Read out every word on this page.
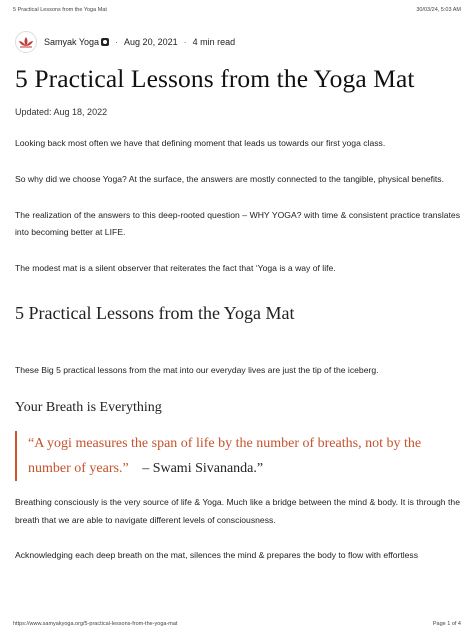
5 Practical Lessons from the Yoga Mat	30/03/24, 5:03 AM
Samyak Yoga · Aug 20, 2021 · 4 min read
5 Practical Lessons from the Yoga Mat
Updated: Aug 18, 2022

Looking back most often we have that defining moment that leads us towards our first yoga class.

So why did we choose Yoga? At the surface, the answers are mostly connected to the tangible, physical benefits.

The realization of the answers to this deep-rooted question – WHY YOGA? with time & consistent practice translates into becoming better at LIFE.

The modest mat is a silent observer that reiterates the fact that ‘Yoga is a way of life.

5 Practical Lessons from the Yoga Mat

These Big 5 practical lessons from the mat into our everyday lives are just the tip of the iceberg.

Your Breath is Everything
“A yogi measures the span of life by the number of breaths, not by the number of years.” – Swami Sivananda.”

Breathing consciously is the very source of life & Yoga. Much like a bridge between the mind & body. It is through the breath that we are able to navigate different levels of consciousness.

Acknowledging each deep breath on the mat, silences the mind & prepares the body to flow with effortless

https://www.samyakyoga.org/5-practical-lessons-from-the-yoga-mat	Page 1 of 4
